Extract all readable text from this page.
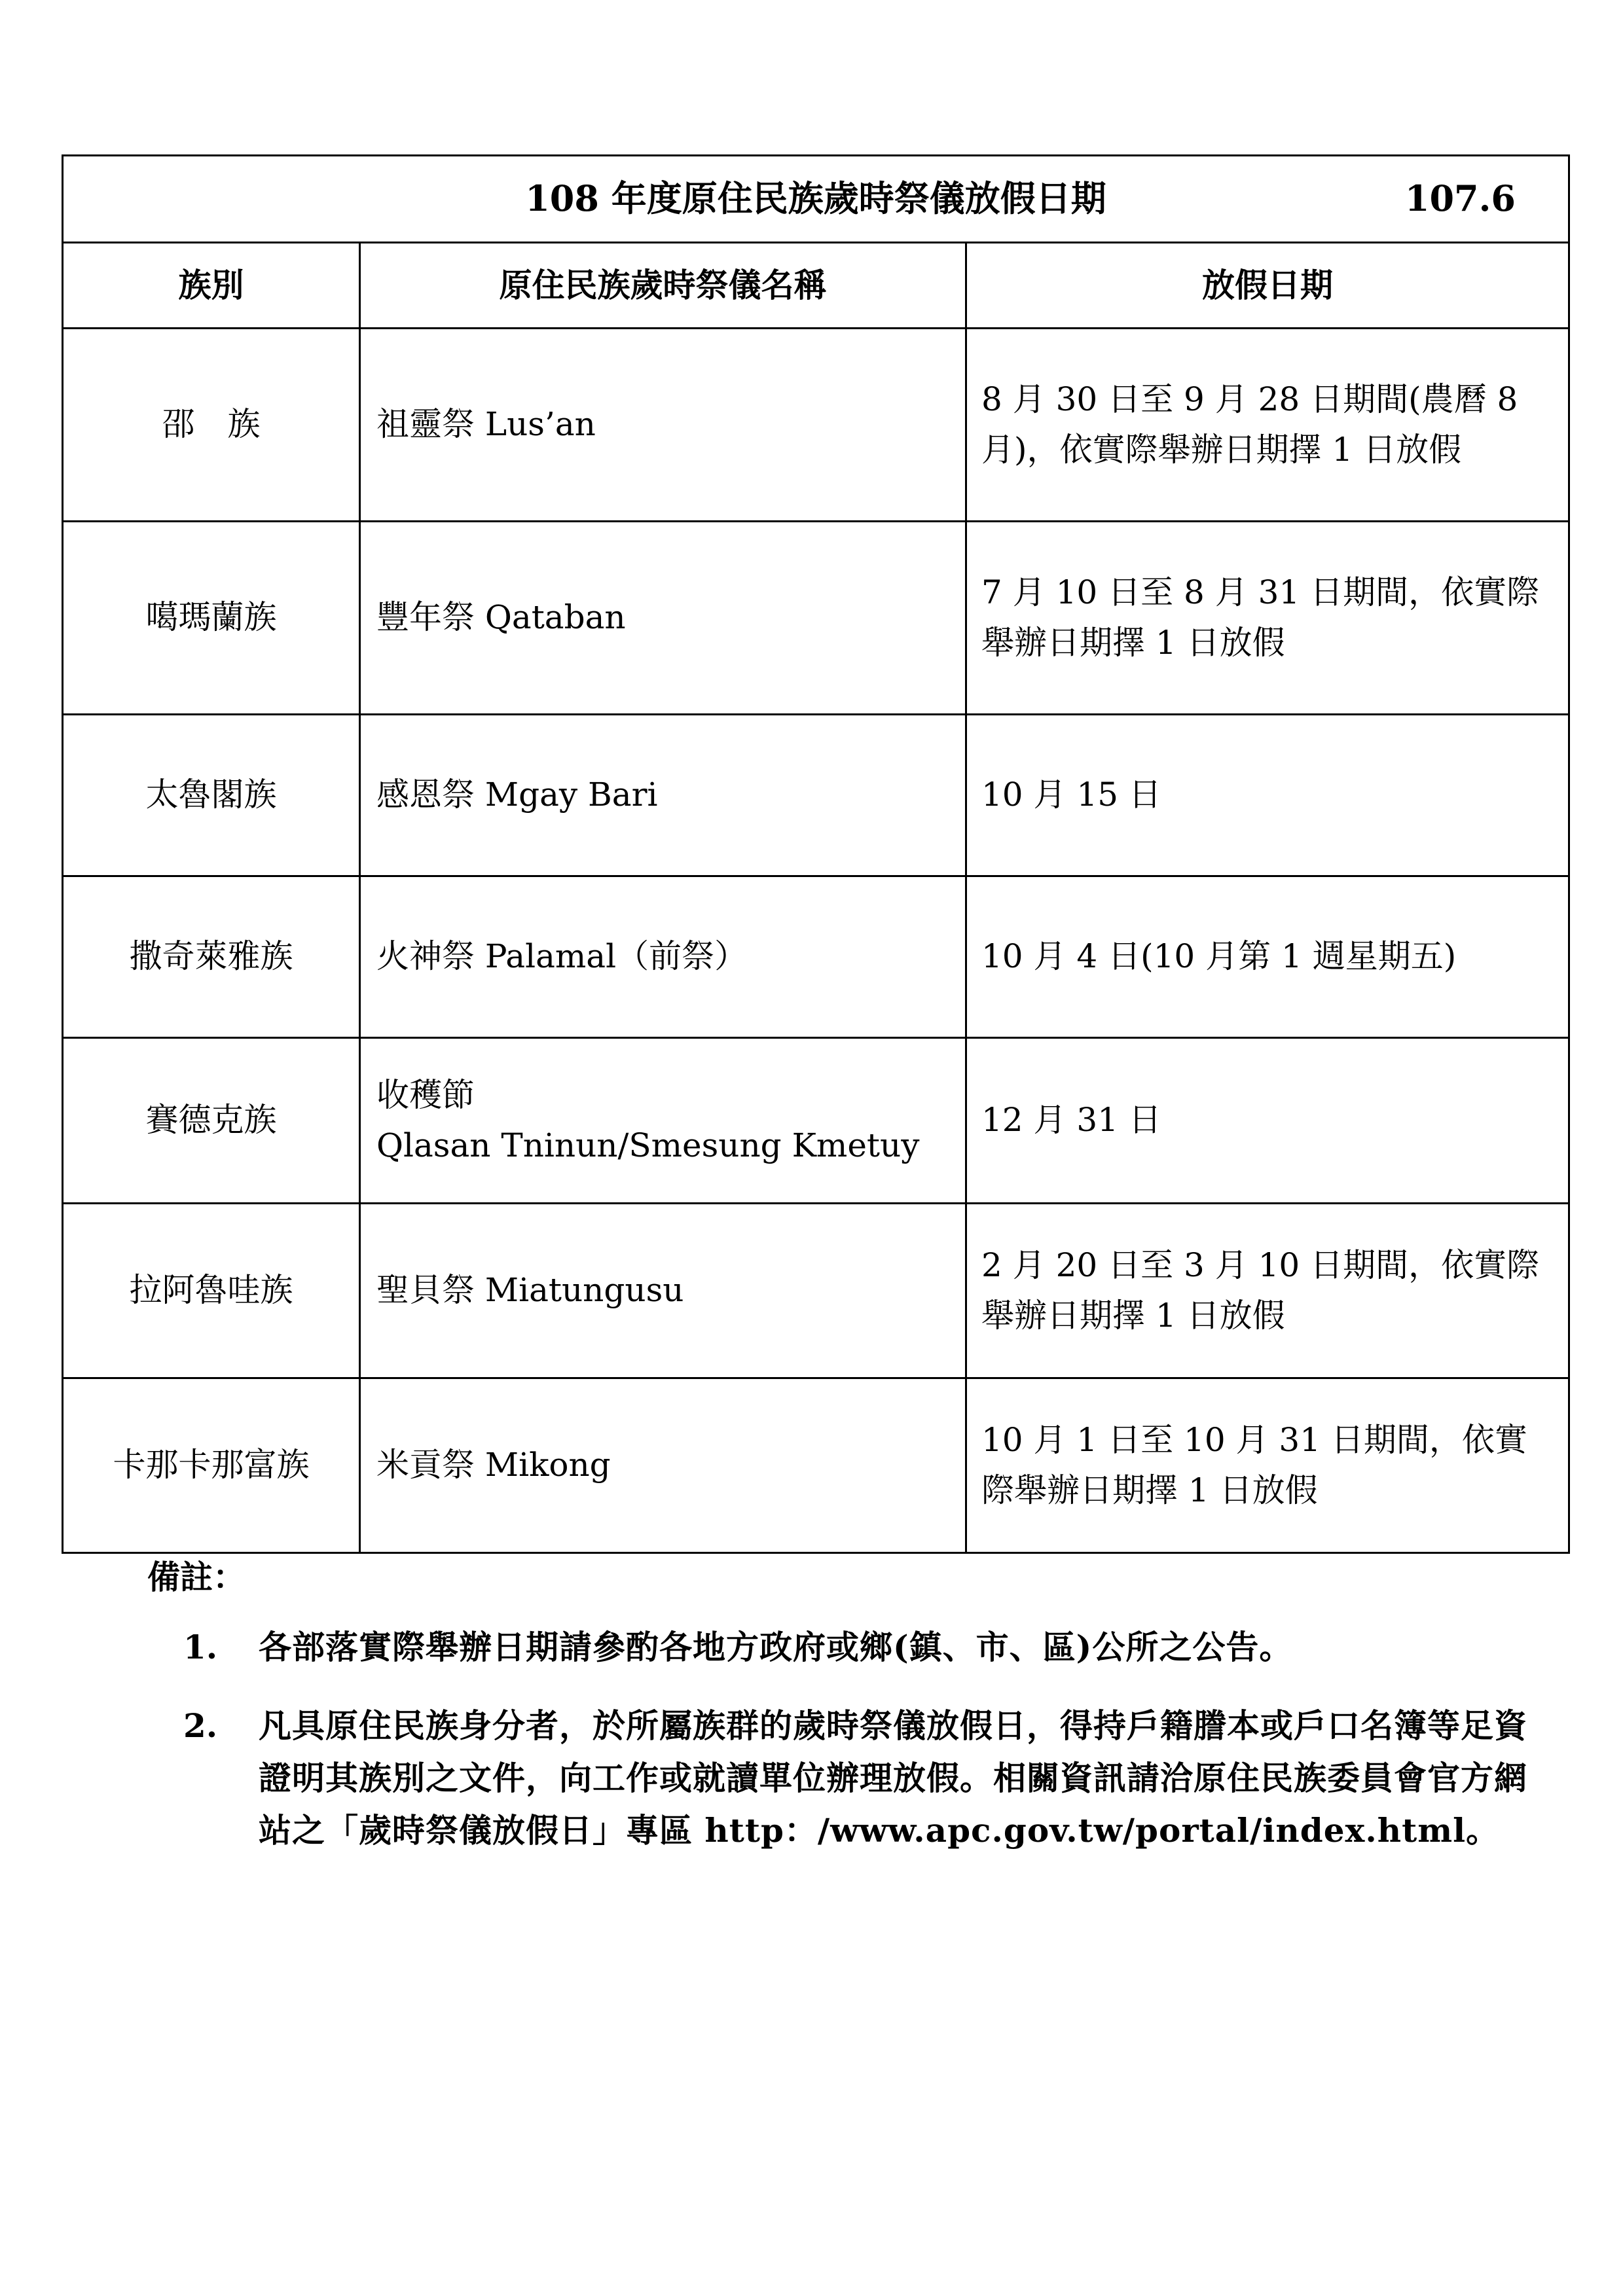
108 年度原住民族歲時祭儀放假日期 107.6		

族別	原住民族歲時祭儀名稱	放假日期
邵　族	祖靈祭 Lus’an	8 月 30 日至 9 月 28 日期間(農曆 8 月)，依實際舉辦日期擇 1 日放假
噶瑪蘭族	豐年祭 Qataban	7 月 10 日至 8 月 31 日期間，依實際舉辦日期擇 1 日放假
太魯閣族	感恩祭 Mgay Bari	10 月 15 日
撒奇萊雅族	火神祭 Palamal（前祭）	10 月 4 日(10 月第 1 週星期五)
賽德克族	收穫節
Qlasan Tninun/Smesung Kmetuy	12 月 31 日
拉阿魯哇族	聖貝祭 Miatungusu	2 月 20 日至 3 月 10 日期間，依實際舉辦日期擇 1 日放假
卡那卡那富族	米貢祭 Mikong	10 月 1 日至 10 月 31 日期間，依實際舉辦日期擇 1 日放假
備註：
1. 各部落實際舉辦日期請參酌各地方政府或鄉(鎮、市、區)公所之公告。
2. 凡具原住民族身分者，於所屬族群的歲時祭儀放假日，得持戶籍謄本或戶口名簿等足資證明其族別之文件，向工作或就讀單位辦理放假。相關資訊請洽原住民族委員會官方網站之「歲時祭儀放假日」專區 http：/www.apc.gov.tw/portal/index.html。
